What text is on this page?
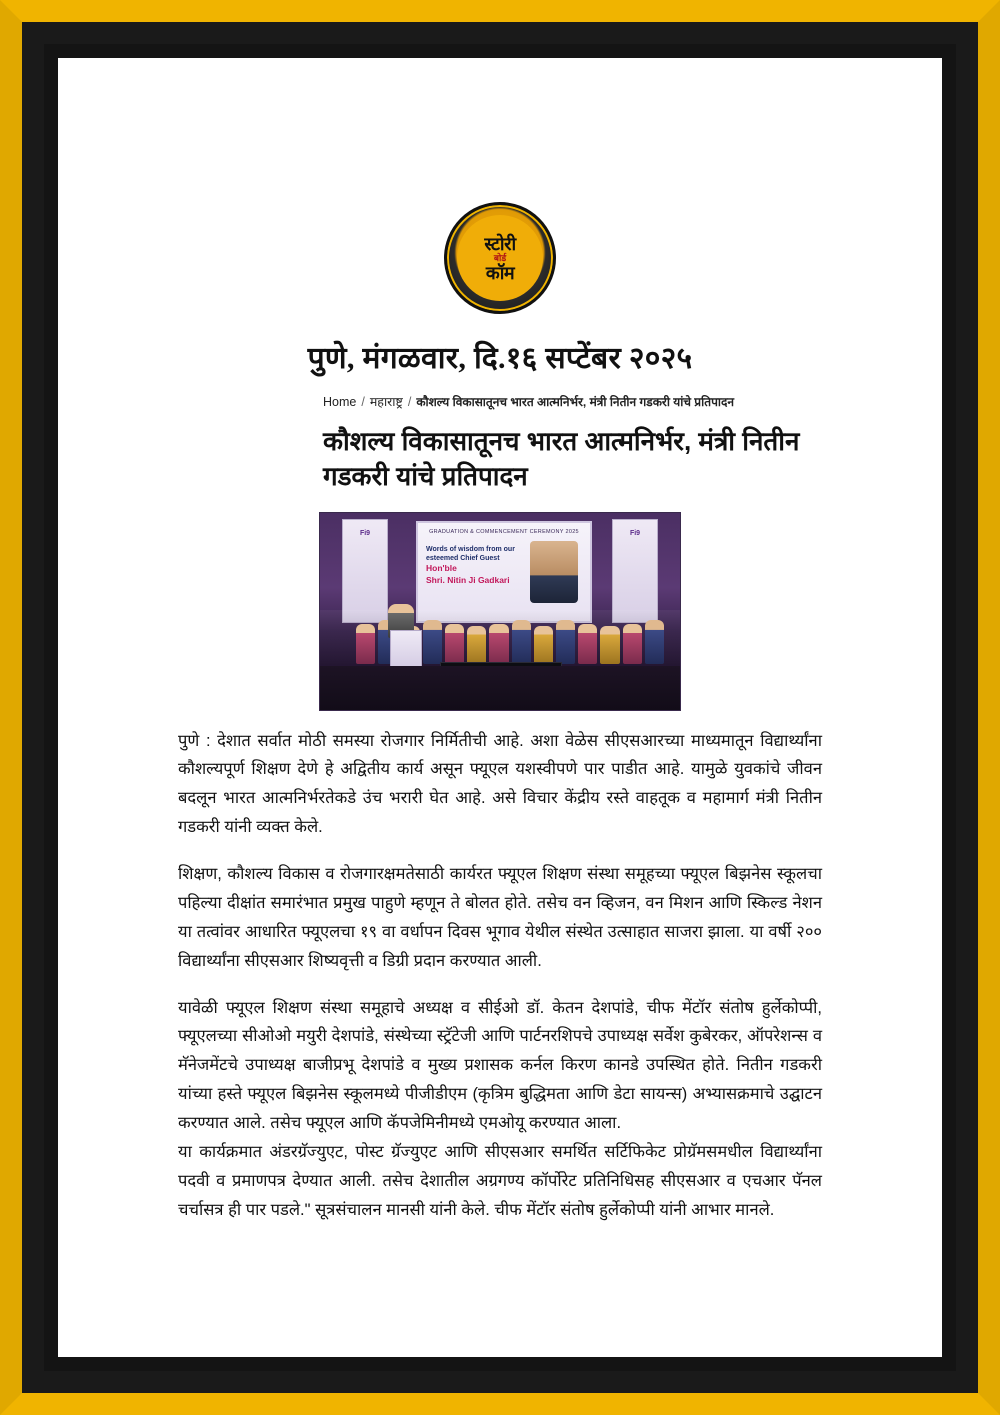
स्टोरी
बोर्ड
कॉम
पुणे, मंगळवार, दि.१६ सप्टेंबर २०२५
Home / महाराष्ट्र / कौशल्य विकासातूनच भारत आत्मनिर्भर, मंत्री नितीन गडकरी यांचे प्रतिपादन
कौशल्य विकासातूनच भारत आत्मनिर्भर, मंत्री नितीन गडकरी यांचे प्रतिपादन
Fi9	Fi9
GRADUATION & COMMENCEMENT CEREMONY 2025
Words of wisdom from our esteemed Chief Guest
Hon'ble
Shri. Nitin Ji Gadkari

पुणे : देशात सर्वात मोठी समस्या रोजगार निर्मितीची आहे. अशा वेळेस सीएसआरच्या माध्यमातून विद्यार्थ्यांना कौशल्यपूर्ण शिक्षण देणे हे अद्वितीय कार्य असून फ्यूएल यशस्वीपणे पार पाडीत आहे. यामुळे युवकांचे जीवन बदलून भारत आत्मनिर्भरतेकडे उंच भरारी घेत आहे. असे विचार केंद्रीय रस्ते वाहतूक व महामार्ग मंत्री नितीन गडकरी यांनी व्यक्त केले.

शिक्षण, कौशल्य विकास व रोजगारक्षमतेसाठी कार्यरत फ्यूएल शिक्षण संस्था समूहच्या फ्यूएल बिझनेस स्कूलचा पहिल्या दीक्षांत समारंभात प्रमुख पाहुणे म्हणून ते बोलत होते. तसेच वन व्हिजन, वन मिशन आणि स्किल्ड नेशन या तत्वांवर आधारित फ्यूएलचा १९ वा वर्धापन दिवस भूगाव येथील संस्थेत उत्साहात साजरा झाला. या वर्षी २०० विद्यार्थ्यांना सीएसआर शिष्यवृत्ती व डिग्री प्रदान करण्यात आली.

यावेळी फ्यूएल शिक्षण संस्था समूहाचे अध्यक्ष व सीईओ डॉ. केतन देशपांडे, चीफ मेंटॉर संतोष हुर्लेकोप्पी, फ्यूएलच्या सीओओ मयुरी देशपांडे, संस्थेच्या स्ट्रॅटेजी आणि पार्टनरशिपचे उपाध्यक्ष सर्वेश कुबेरकर, ऑपरेशन्स व मॅनेजमेंटचे उपाध्यक्ष बाजीप्रभू देशपांडे व मुख्य प्रशासक कर्नल किरण कानडे उपस्थित होते. नितीन गडकरी यांच्या हस्ते फ्यूएल बिझनेस स्कूलमध्ये पीजीडीएम (कृत्रिम बुद्धिमता आणि डेटा सायन्स) अभ्यासक्रमाचे उद्घाटन करण्यात आले. तसेच फ्यूएल आणि कॅपजेमिनीमध्ये एमओयू करण्यात आला.

या कार्यक्रमात अंडरग्रॅज्युएट, पोस्ट ग्रॅज्युएट आणि सीएसआर समर्थित सर्टिफिकेट प्रोग्रॅमसमधील विद्यार्थ्यांना पदवी व प्रमाणपत्र देण्यात आली. तसेच देशातील अग्रगण्य कॉर्पोरेट प्रतिनिधिसह सीएसआर व एचआर पॅनल चर्चासत्र ही पार पडले." सूत्रसंचालन मानसी यांनी केले. चीफ मेंटॉर संतोष हुर्लेकोप्पी यांनी आभार मानले.
